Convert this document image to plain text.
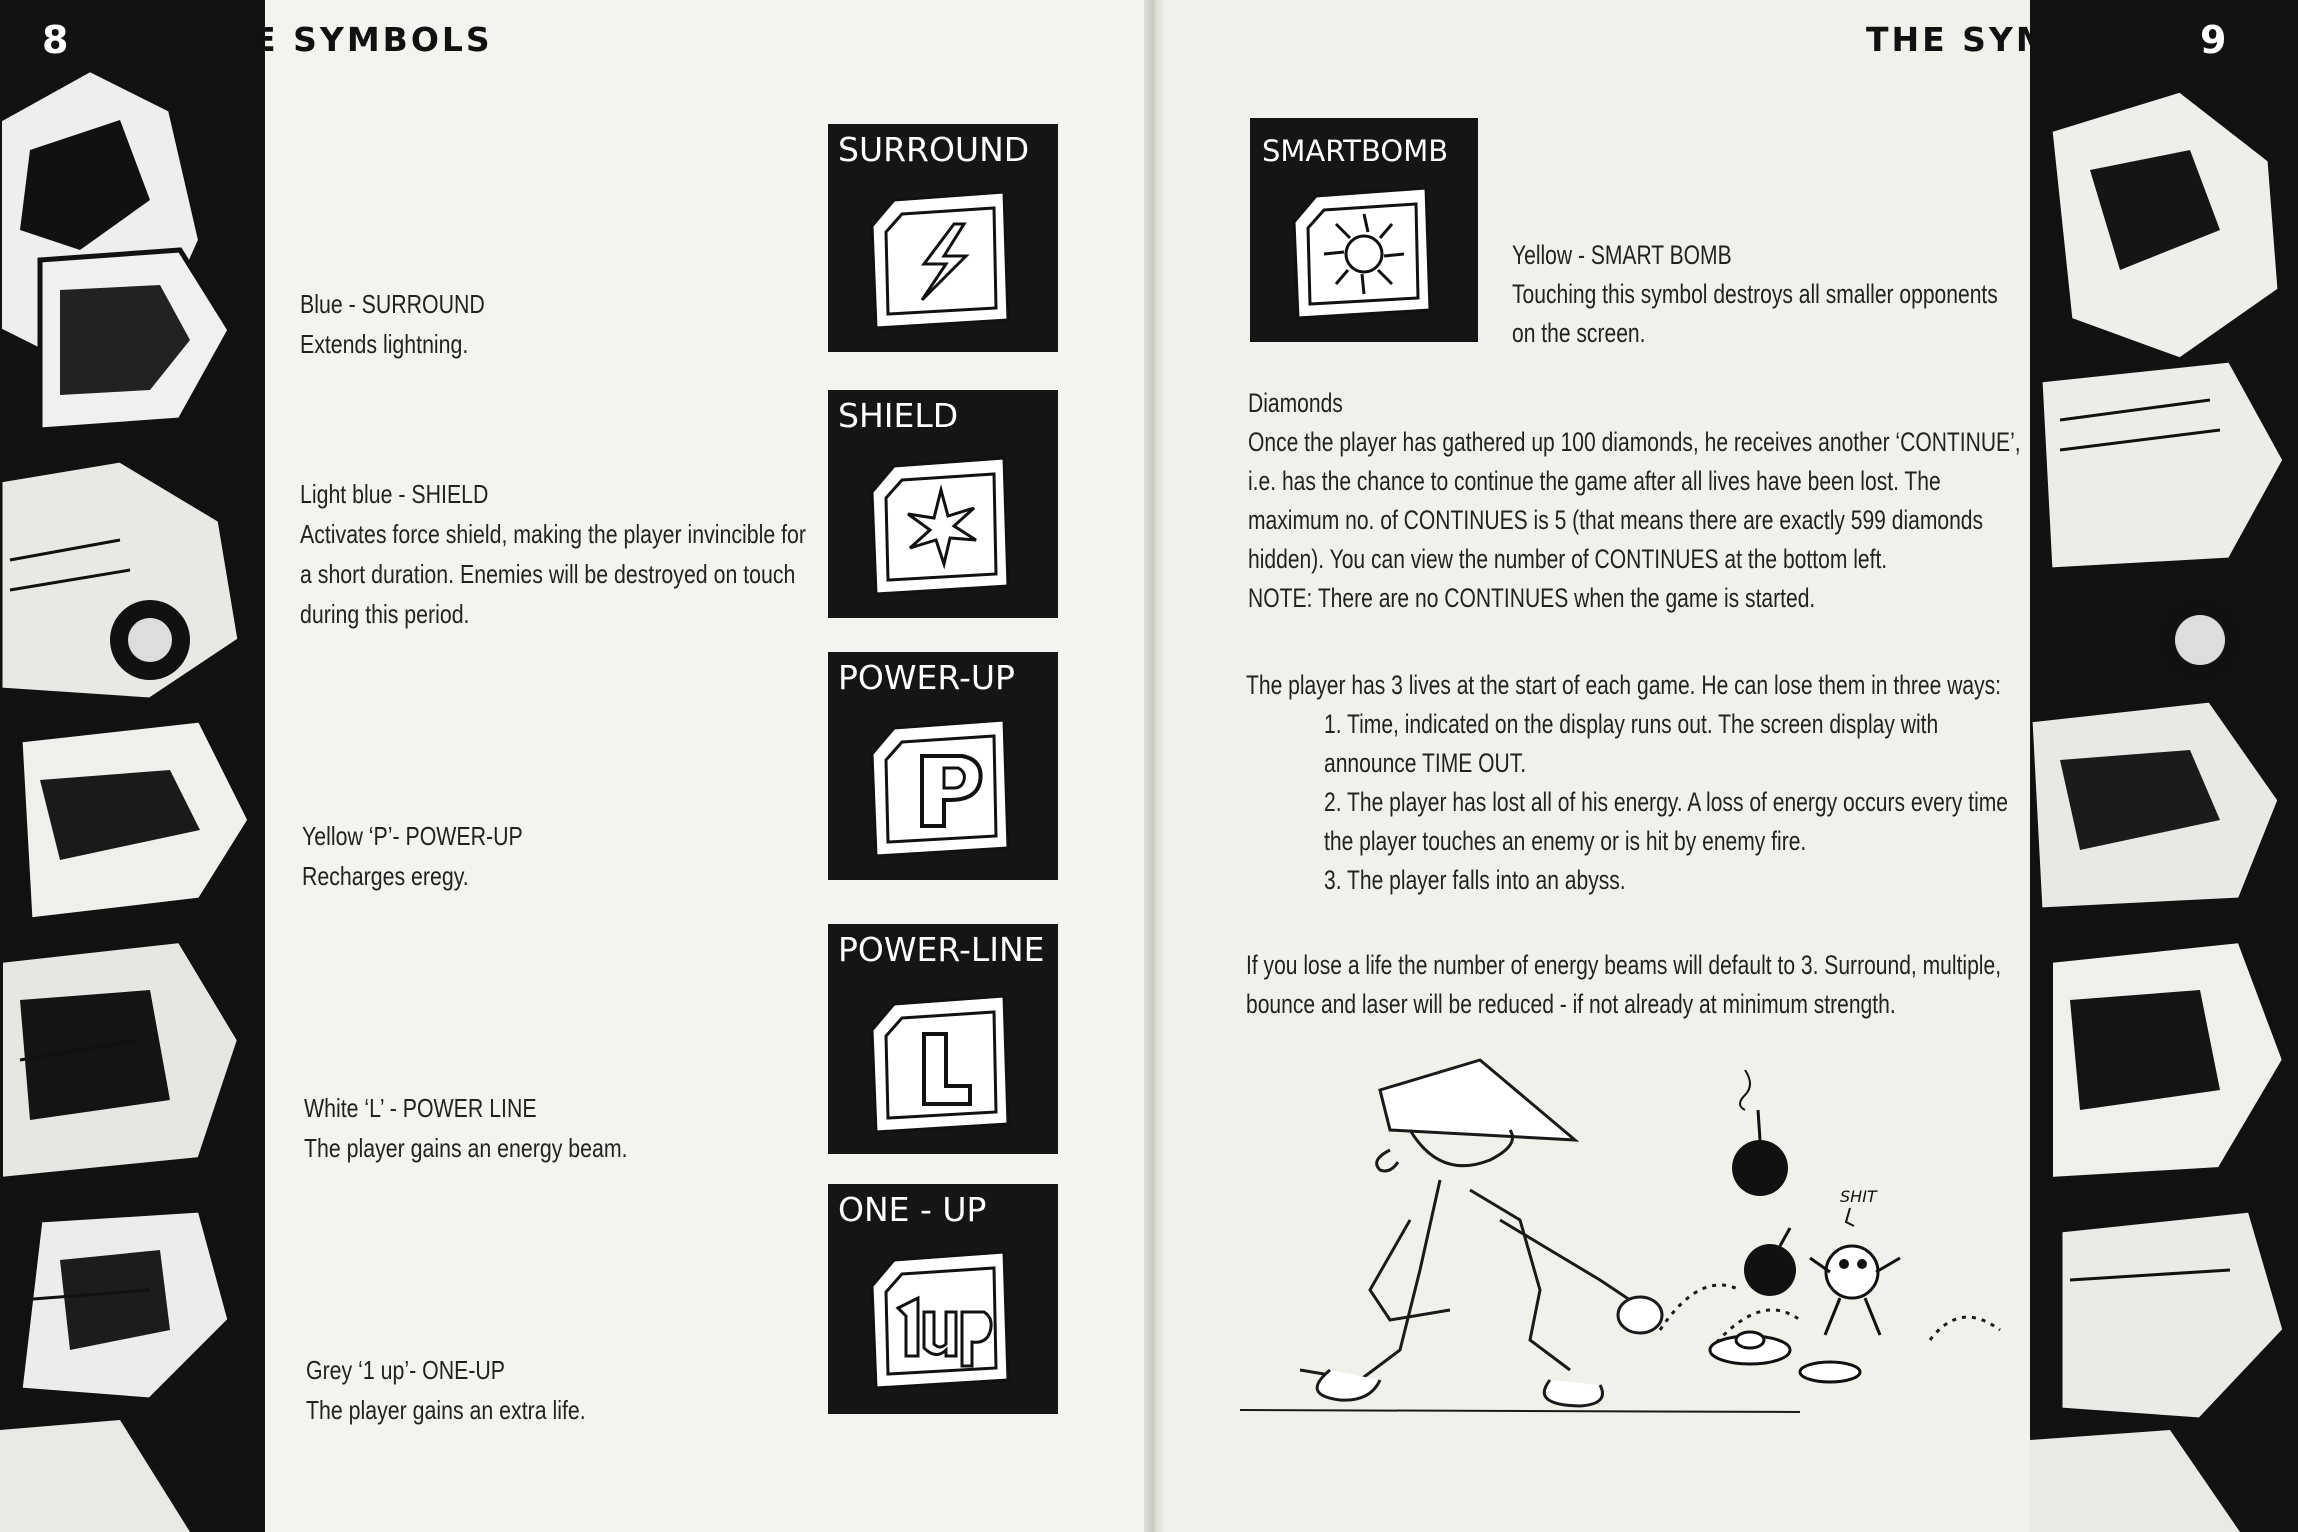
8	THE SYMBOLS	THE SYMBOLS 9
Blue - SURROUND
Extends lightning.
Light blue - SHIELD
Activates force shield, making the player invincible for
a short duration. Enemies will be destroyed on touch
during this period.
Yellow ‘P’- POWER-UP
Recharges eregy.
White ‘L’ - POWER LINE
The player gains an energy beam.
Grey ‘1 up’- ONE-UP
The player gains an extra life.
SURROUND
SHIELD
POWER-UP
POWER-LINE
ONE - UP
SMARTBOMB
Yellow - SMART BOMB
Touching this symbol destroys all smaller opponents
on the screen.
Diamonds
Once the player has gathered up 100 diamonds, he receives another ‘CONTINUE’,
i.e. has the chance to continue the game after all lives have been lost. The
maximum no. of CONTINUES is 5 (that means there are exactly 599 diamonds
hidden). You can view the number of CONTINUES at the bottom left.
NOTE: There are no CONTINUES when the game is started.
The player has 3 lives at the start of each game. He can lose them in three ways:
1. Time, indicated on the display runs out. The screen display with
announce TIME OUT.
2. The player has lost all of his energy. A loss of energy occurs every time
the player touches an enemy or is hit by enemy fire.
3. The player falls into an abyss.
If you lose a life the number of energy beams will default to 3. Surround, multiple,
bounce and laser will be reduced - if not already at minimum strength.
SHIT
